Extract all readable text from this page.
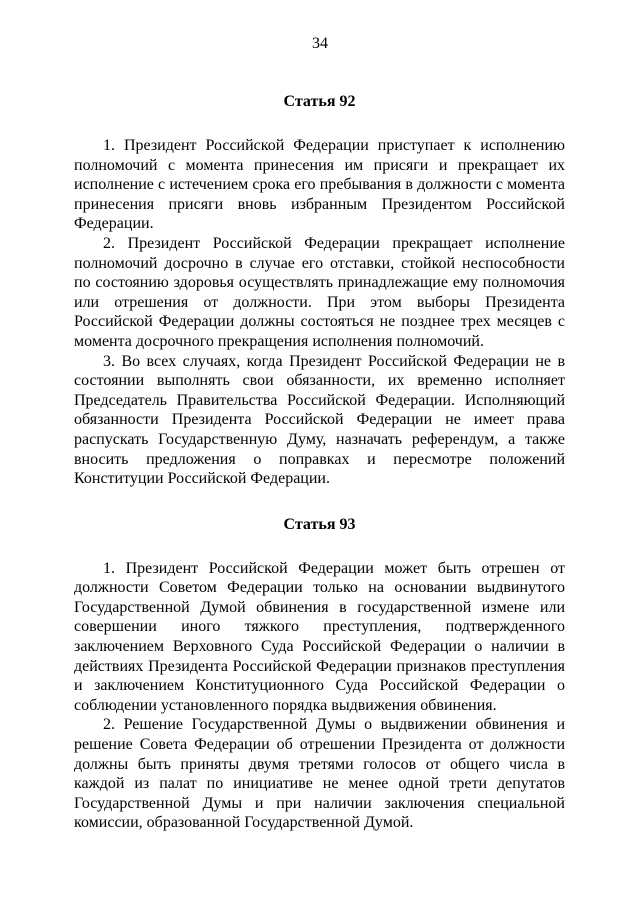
34
Статья 92

1. Президент Российской Федерации приступает к исполнению полномочий с момента принесения им присяги и прекращает их исполнение с истечением срока его пребывания в должности с момента принесения присяги вновь избранным Президентом Российской Федерации.

2. Президент Российской Федерации прекращает исполнение полномочий досрочно в случае его отставки, стойкой неспособности по состоянию здоровья осуществлять принадлежащие ему полномочия или отрешения от должности. При этом выборы Президента Российской Федерации должны состояться не позднее трех месяцев с момента досрочного прекращения исполнения полномочий.

3. Во всех случаях, когда Президент Российской Федерации не в состоянии выполнять свои обязанности, их временно исполняет Председатель Правительства Российской Федерации. Исполняющий обязанности Президента Российской Федерации не имеет права распускать Государственную Думу, назначать референдум, а также вносить предложения о поправках и пересмотре положений Конституции Российской Федерации.

Статья 93

1. Президент Российской Федерации может быть отрешен от должности Советом Федерации только на основании выдвинутого Государственной Думой обвинения в государственной измене или совершении иного тяжкого преступления, подтвержденного заключением Верховного Суда Российской Федерации о наличии в действиях Президента Российской Федерации признаков преступления и заключением Конституционного Суда Российской Федерации о соблюдении установленного порядка выдвижения обвинения.

2. Решение Государственной Думы о выдвижении обвинения и решение Совета Федерации об отрешении Президента от должности должны быть приняты двумя третями голосов от общего числа в каждой из палат по инициативе не менее одной трети депутатов Государственной Думы и при наличии заключения специальной комиссии, образованной Государственной Думой.
